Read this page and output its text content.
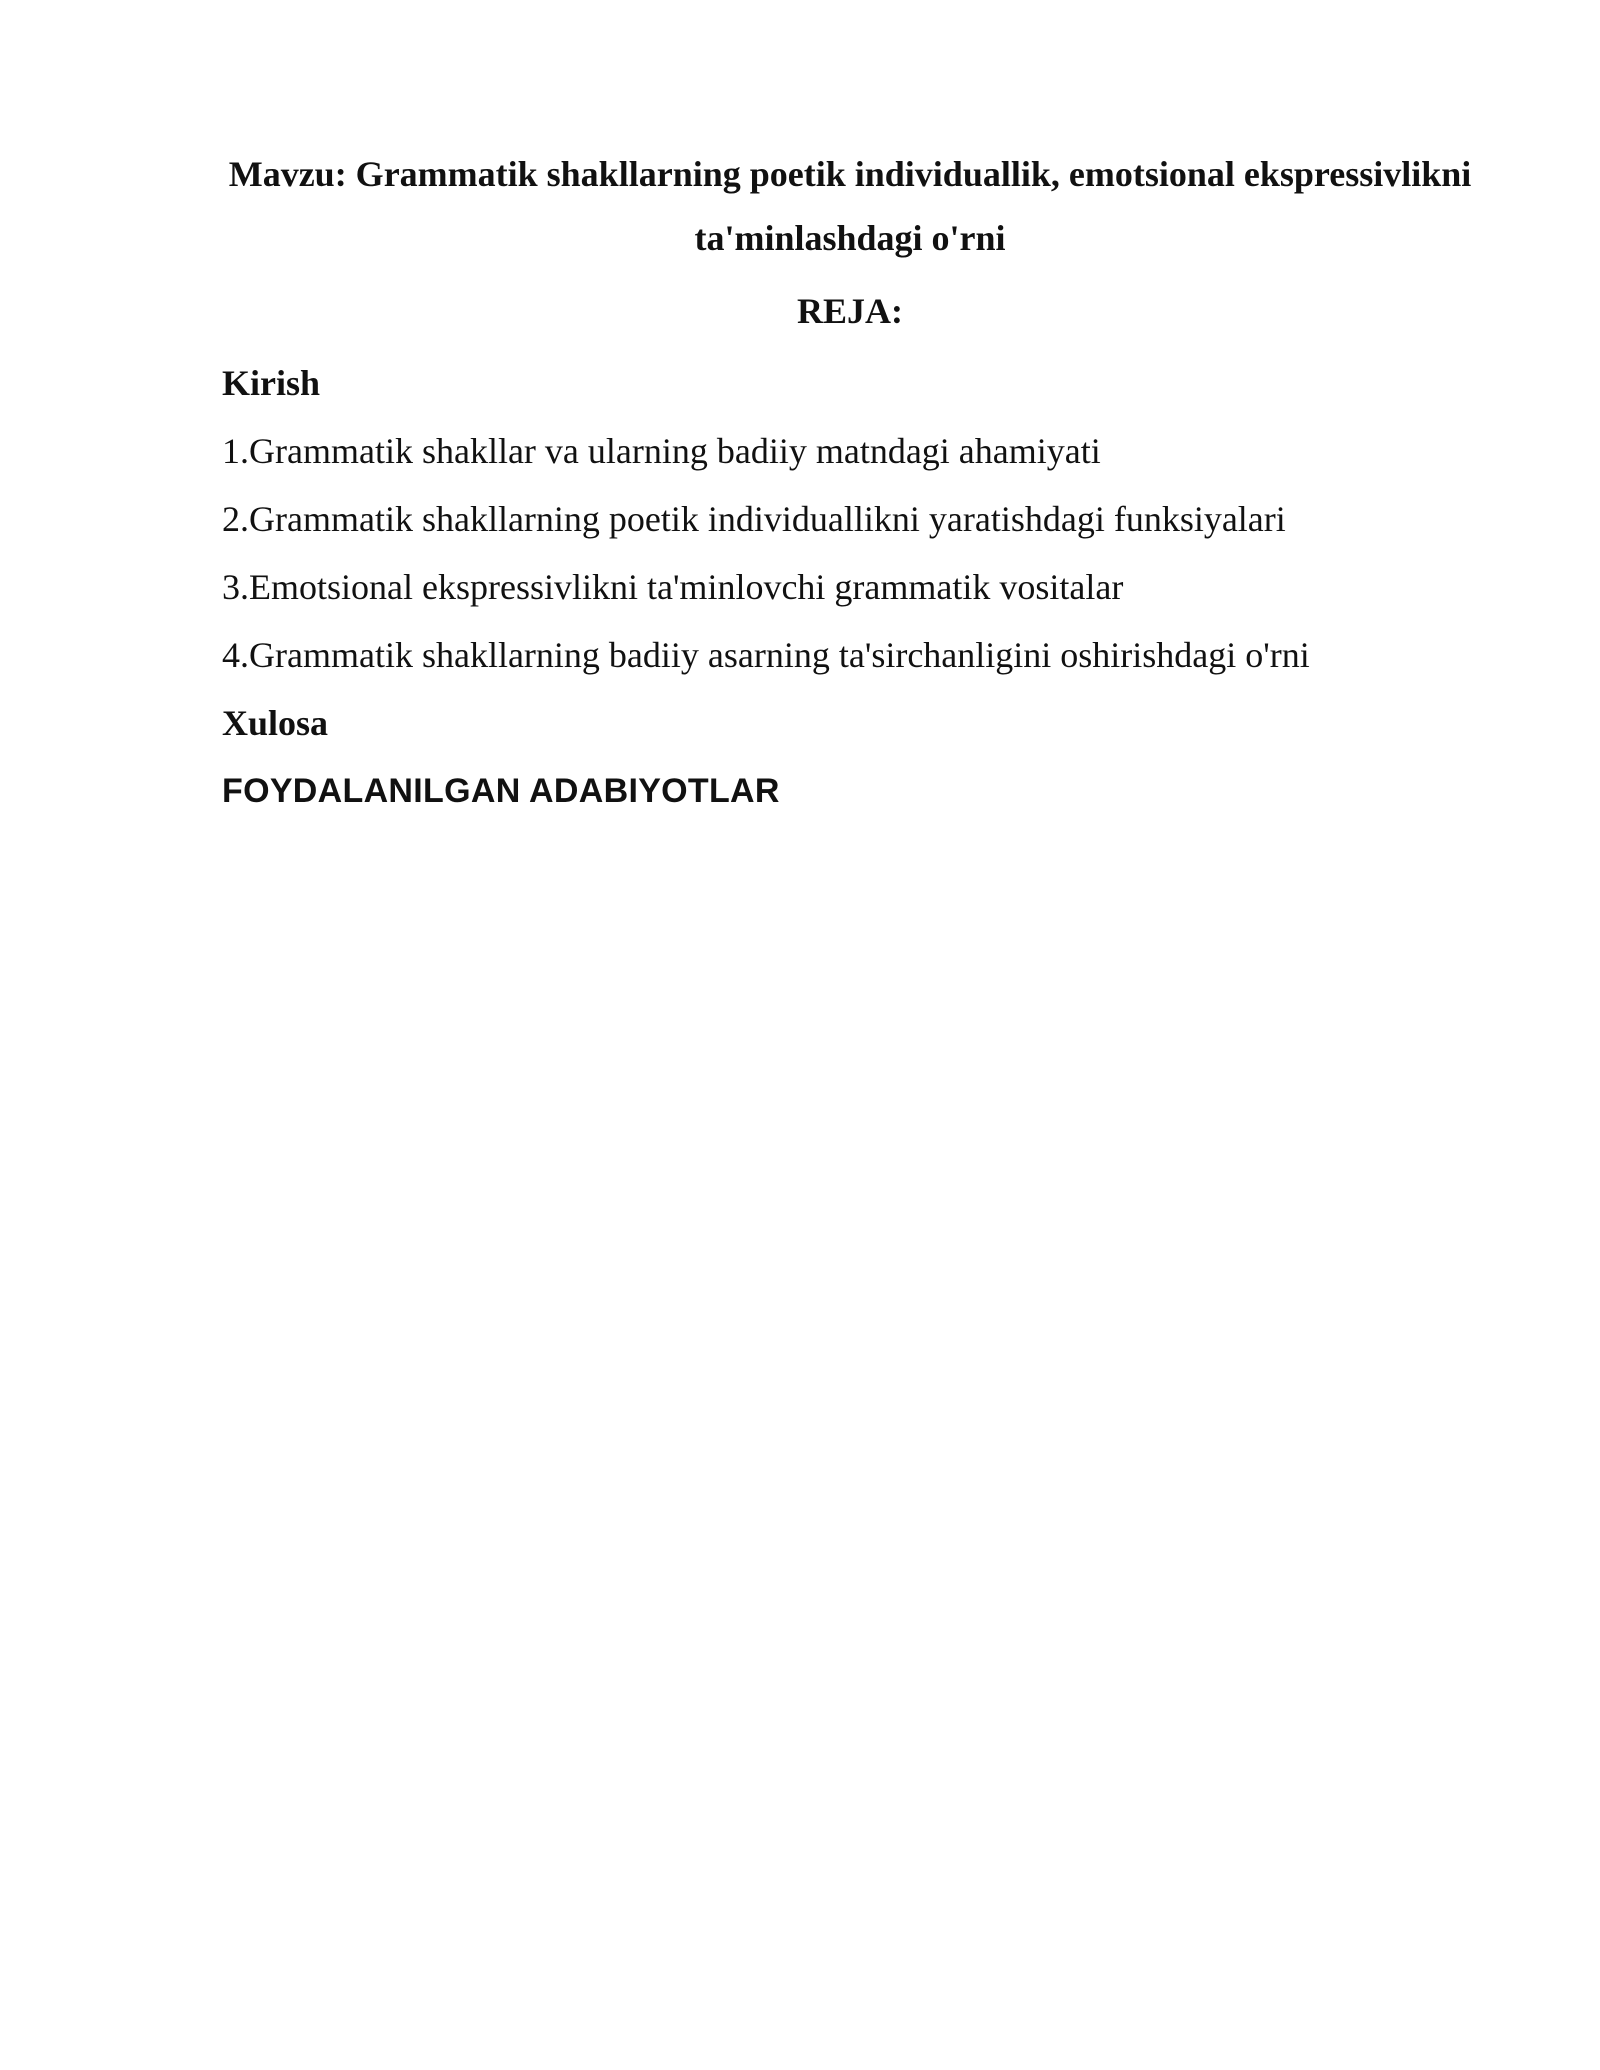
Mavzu: Grammatik shakllarning poetik individuallik, emotsional ekspressivlikni ta'minlashdagi o'rni
REJA:

Kirish

1.Grammatik shakllar va ularning badiiy matndagi ahamiyati

2.Grammatik shakllarning poetik individuallikni yaratishdagi funksiyalari

3.Emotsional ekspressivlikni ta'minlovchi grammatik vositalar

4.Grammatik shakllarning badiiy asarning ta'sirchanligini oshirishdagi o'rni

Xulosa

FOYDALANILGAN ADABIYOTLAR
